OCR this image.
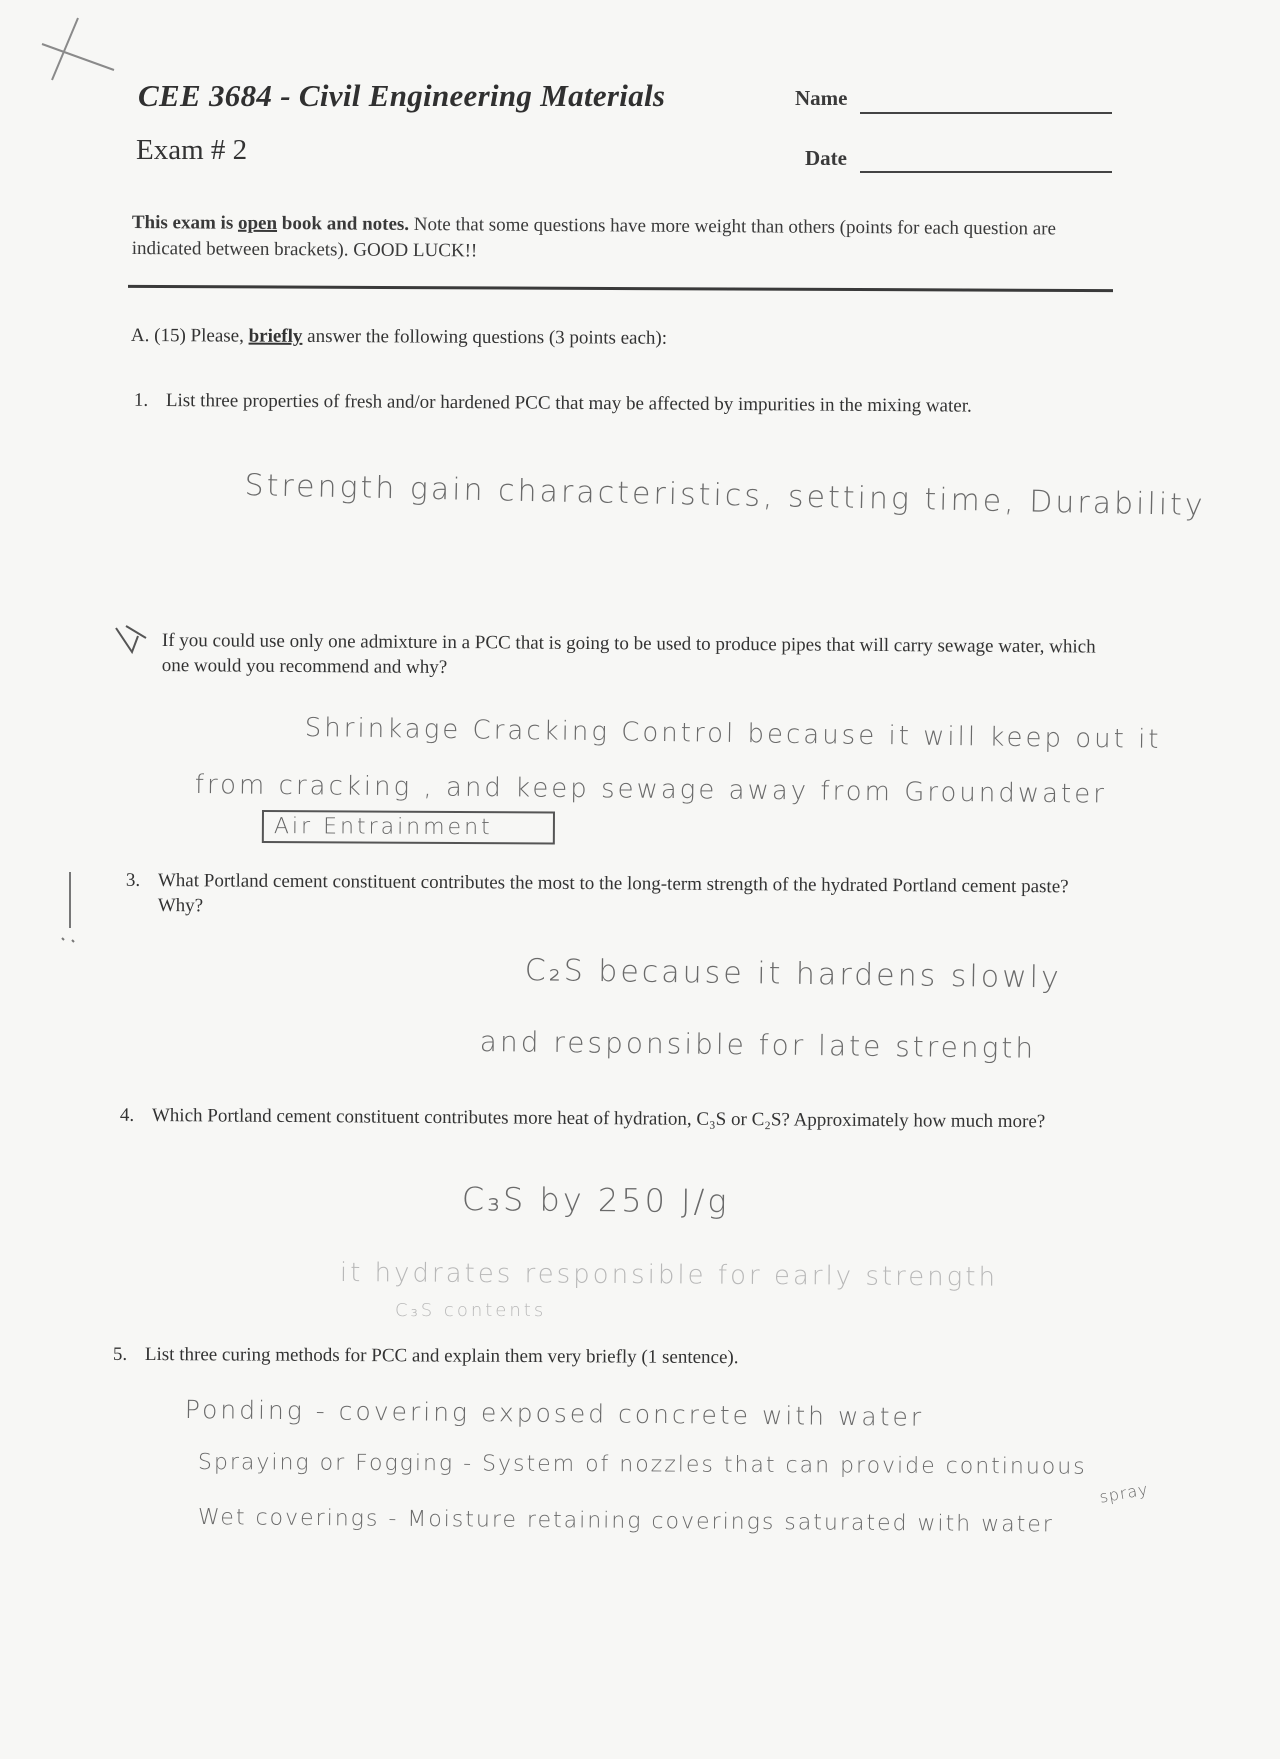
CEE 3684 - Civil Engineering Materials
Exam # 2
Name
Date
This exam is open book and notes. Note that some questions have more weight than others (points for each question are indicated between brackets). GOOD LUCK!!
A. (15) Please, briefly answer the following questions (3 points each):
1. List three properties of fresh and/or hardened PCC that may be affected by impurities in the mixing water.
Strength gain characteristics, setting time, Durability
If you could use only one admixture in a PCC that is going to be used to produce pipes that will carry sewage water, which one would you recommend and why?
Shrinkage Cracking Control because it will keep out it
from cracking , and keep sewage away from Groundwater
Air Entrainment
3. What Portland cement constituent contributes the most to the long-term strength of the hydrated Portland cement paste? Why?
C₂S because it hardens slowly
and responsible for late strength
4. Which Portland cement constituent contributes more heat of hydration, C₃S or C₂S? Approximately how much more?
C₃S by 250 J/g
it hydrates responsible for early strength
C₃S contents
5. List three curing methods for PCC and explain them very briefly (1 sentence).
Ponding - covering exposed concrete with water
Spraying or Fogging - System of nozzles that can provide continuous
Wet coverings - Moisture retaining coverings saturated with water
spray
